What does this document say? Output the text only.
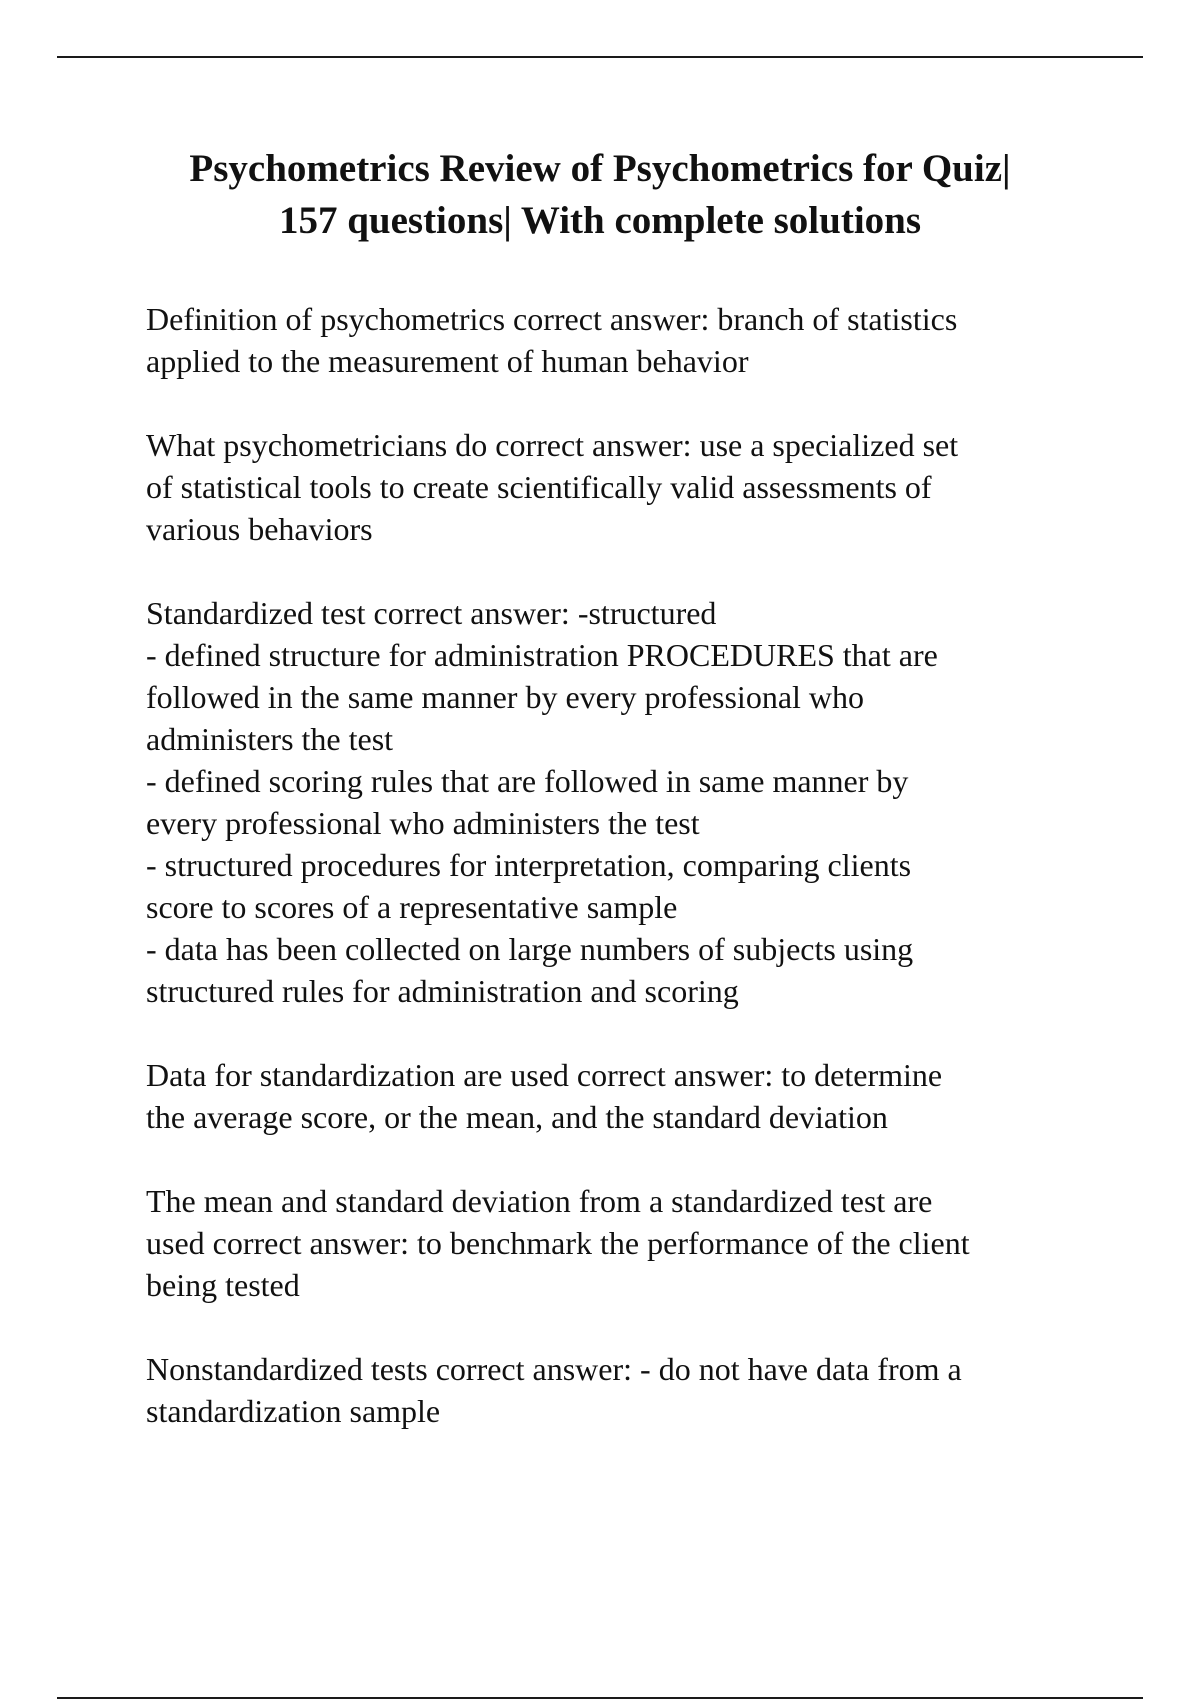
Psychometrics Review of Psychometrics for Quiz|
157 questions| With complete solutions

Definition of psychometrics correct answer: branch of statistics
applied to the measurement of human behavior

What psychometricians do correct answer: use a specialized set
of statistical tools to create scientifically valid assessments of
various behaviors

Standardized test correct answer: -structured
- defined structure for administration PROCEDURES that are
followed in the same manner by every professional who
administers the test
- defined scoring rules that are followed in same manner by
every professional who administers the test
- structured procedures for interpretation, comparing clients
score to scores of a representative sample
- data has been collected on large numbers of subjects using
structured rules for administration and scoring

Data for standardization are used correct answer: to determine
the average score, or the mean, and the standard deviation

The mean and standard deviation from a standardized test are
used correct answer: to benchmark the performance of the client
being tested

Nonstandardized tests correct answer: - do not have data from a
standardization sample
